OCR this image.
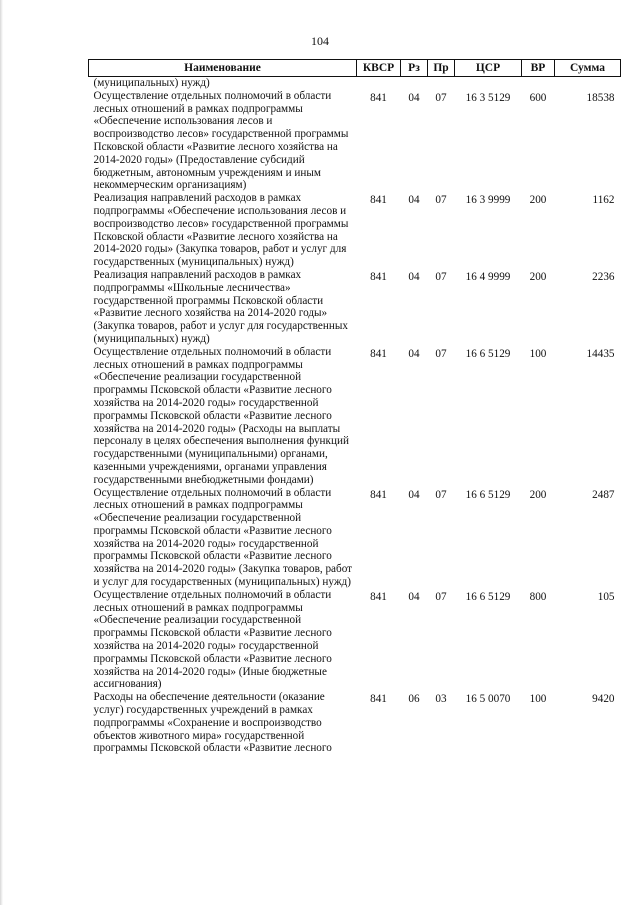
104
Наименование	КВСР	Рз	Пр	ЦСР	ВР	Сумма
(муниципальных) нужд)						
Осуществление отдельных полномочий в области лесных отношений в рамках подпрограммы «Обеспечение использования лесов и воспроизводство лесов» государственной программы Псковской области «Развитие лесного хозяйства на 2014-2020 годы» (Предоставление субсидий бюджетным, автономным учреждениям и иным некоммерческим организациям)	841	04	07	16 3 5129	600	18538
Реализация направлений расходов в рамках подпрограммы «Обеспечение использования лесов и воспроизводство лесов» государственной программы Псковской области «Развитие лесного хозяйства на 2014-2020 годы» (Закупка товаров, работ и услуг для государственных (муниципальных) нужд)	841	04	07	16 3 9999	200	1162
Реализация направлений расходов в рамках подпрограммы «Школьные лесничества» государственной программы Псковской области «Развитие лесного хозяйства на 2014-2020 годы» (Закупка товаров, работ и услуг для государственных (муниципальных) нужд)	841	04	07	16 4 9999	200	2236
Осуществление отдельных полномочий в области лесных отношений в рамках подпрограммы «Обеспечение реализации государственной программы Псковской области «Развитие лесного хозяйства на 2014-2020 годы» государственной программы Псковской области «Развитие лесного хозяйства на 2014-2020 годы» (Расходы на выплаты персоналу в целях обеспечения выполнения функций государственными (муниципальными) органами, казенными учреждениями, органами управления государственными внебюджетными фондами)	841	04	07	16 6 5129	100	14435
Осуществление отдельных полномочий в области лесных отношений в рамках подпрограммы «Обеспечение реализации государственной программы Псковской области «Развитие лесного хозяйства на 2014-2020 годы» государственной программы Псковской области «Развитие лесного хозяйства на 2014-2020 годы» (Закупка товаров, работ и услуг для государственных (муниципальных) нужд)	841	04	07	16 6 5129	200	2487
Осуществление отдельных полномочий в области лесных отношений в рамках подпрограммы «Обеспечение реализации государственной программы Псковской области «Развитие лесного хозяйства на 2014-2020 годы» государственной программы Псковской области «Развитие лесного хозяйства на 2014-2020 годы» (Иные бюджетные ассигнования)	841	04	07	16 6 5129	800	105
Расходы на обеспечение деятельности (оказание услуг) государственных учреждений в рамках подпрограммы «Сохранение и воспроизводство объектов животного мира» государственной программы Псковской области «Развитие лесного	841	06	03	16 5 0070	100	9420
